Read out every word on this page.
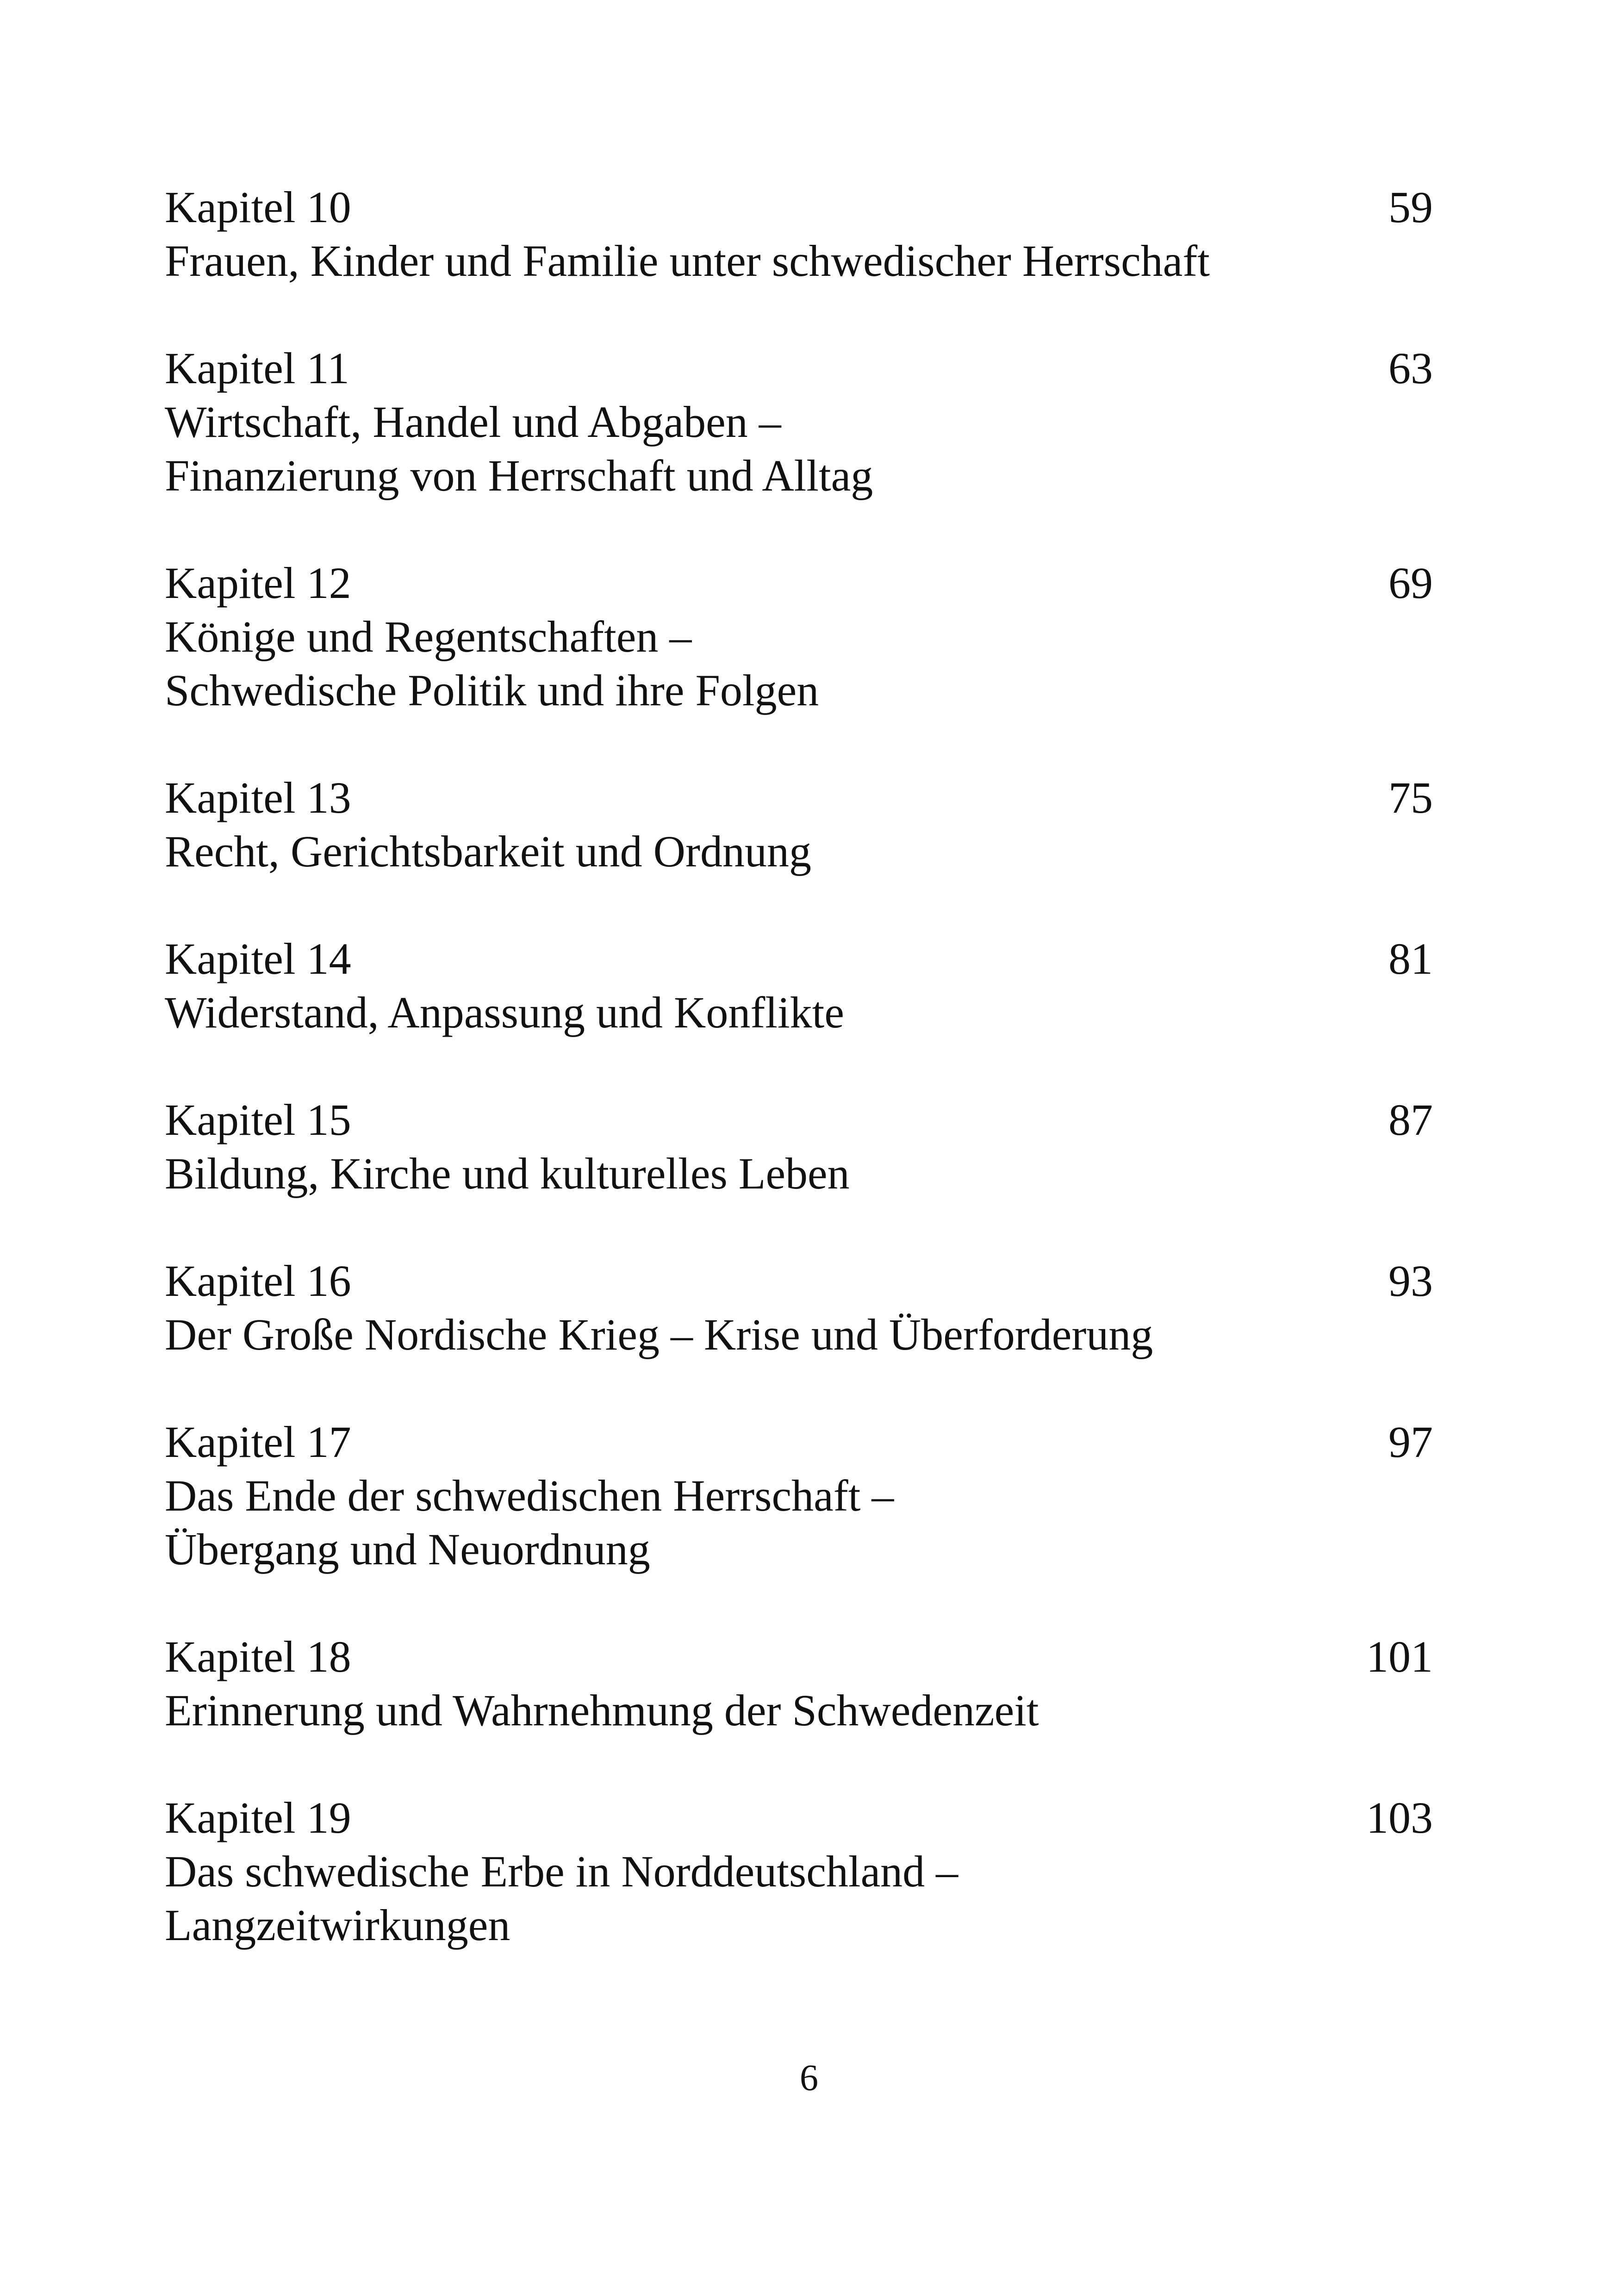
Kapitel 10	59
Frauen, Kinder und Familie unter schwedischer Herrschaft
Kapitel 11	63
Wirtschaft, Handel und Abgaben –
Finanzierung von Herrschaft und Alltag
Kapitel 12	69
Könige und Regentschaften –
Schwedische Politik und ihre Folgen
Kapitel 13	75
Recht, Gerichtsbarkeit und Ordnung
Kapitel 14	81
Widerstand, Anpassung und Konflikte
Kapitel 15	87
Bildung, Kirche und kulturelles Leben
Kapitel 16	93
Der Große Nordische Krieg – Krise und Überforderung
Kapitel 17	97
Das Ende der schwedischen Herrschaft –
Übergang und Neuordnung
Kapitel 18	101
Erinnerung und Wahrnehmung der Schwedenzeit
Kapitel 19	103
Das schwedische Erbe in Norddeutschland –
Langzeitwirkungen
6
